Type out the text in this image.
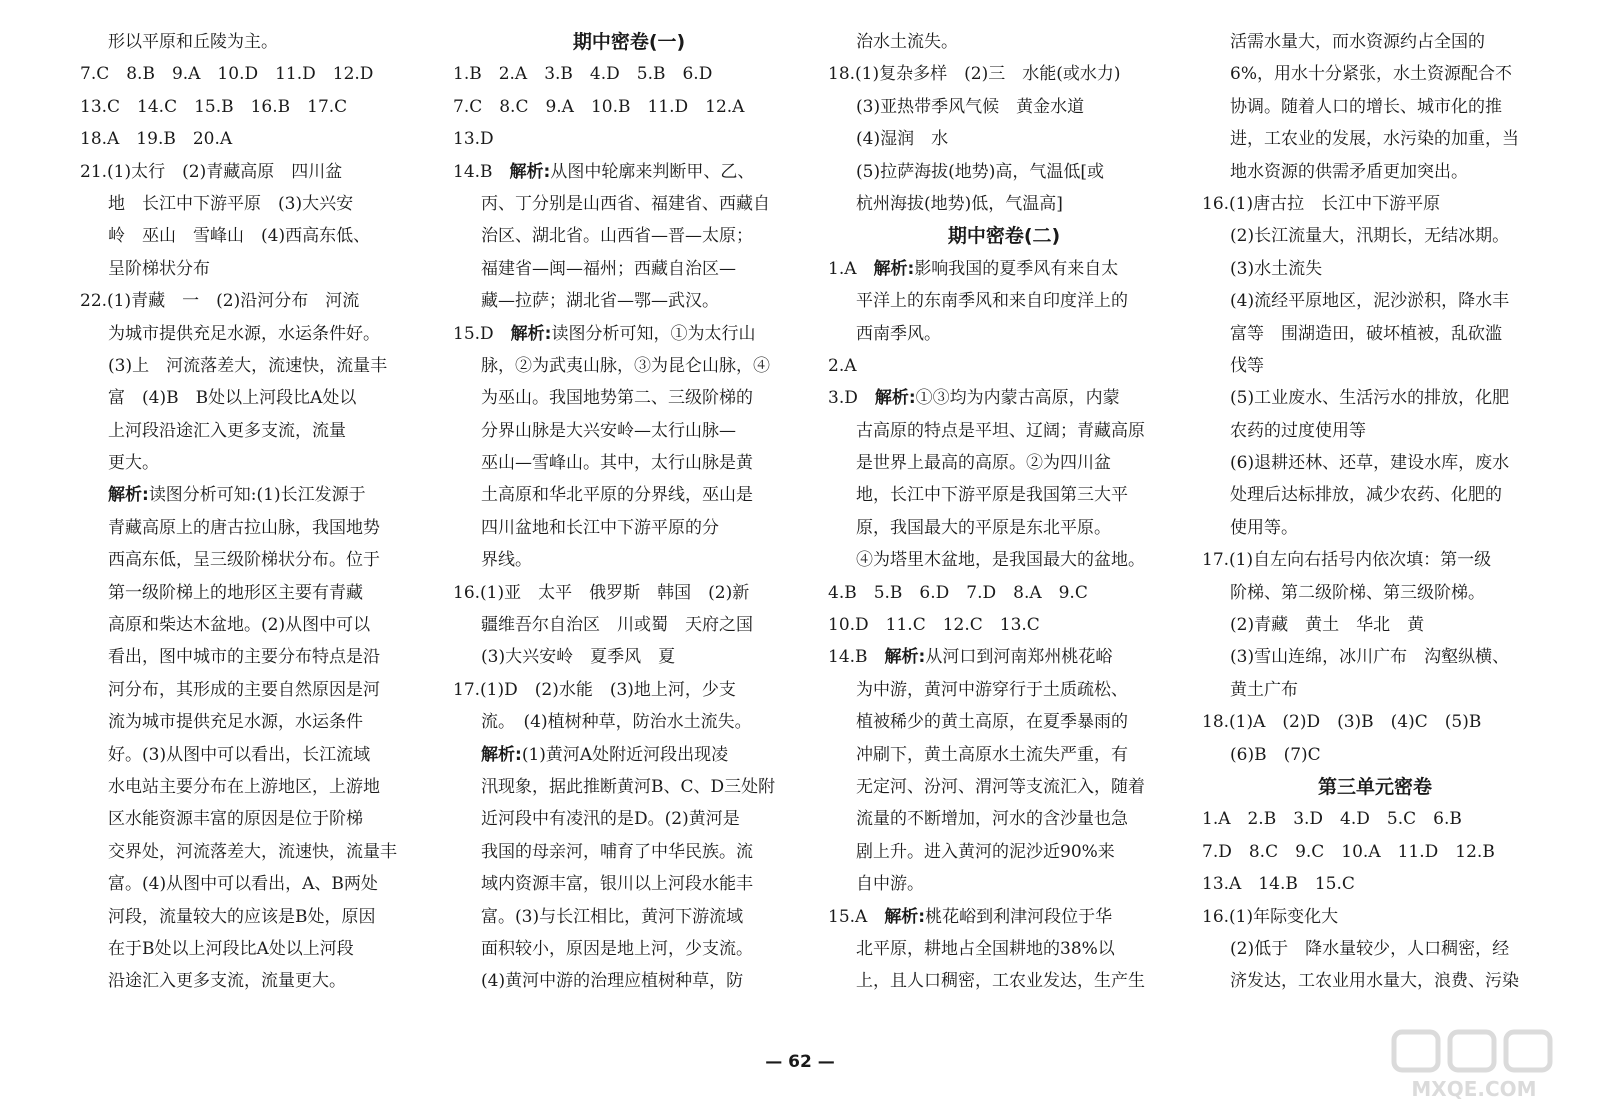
形以平原和丘陵为主。
7.C　8.B　9.A　10.D　11.D　12.D
13.C　14.C　15.B　16.B　17.C
18.A　19.B　20.A
21.(1)太行　(2)青藏高原　四川盆
地　长江中下游平原　(3)大兴安
岭　巫山　雪峰山　(4)西高东低、
呈阶梯状分布
22.(1)青藏　一　(2)沿河分布　河流
为城市提供充足水源，水运条件好。
(3)上　河流落差大，流速快，流量丰
富　(4)B　B处以上河段比A处以
上河段沿途汇入更多支流，流量
更大。
解析:读图分析可知:(1)长江发源于
青藏高原上的唐古拉山脉，我国地势
西高东低，呈三级阶梯状分布。位于
第一级阶梯上的地形区主要有青藏
高原和柴达木盆地。(2)从图中可以
看出，图中城市的主要分布特点是沿
河分布，其形成的主要自然原因是河
流为城市提供充足水源，水运条件
好。(3)从图中可以看出，长江流域
水电站主要分布在上游地区，上游地
区水能资源丰富的原因是位于阶梯
交界处，河流落差大，流速快，流量丰
富。(4)从图中可以看出，A、B两处
河段，流量较大的应该是B处，原因
在于B处以上河段比A处以上河段
沿途汇入更多支流，流量更大。
期中密卷(一)
1.B　2.A　3.B　4.D　5.B　6.D
7.C　8.C　9.A　10.B　11.D　12.A
13.D
14.B　解析:从图中轮廓来判断甲、乙、
丙、丁分别是山西省、福建省、西藏自
治区、湖北省。山西省—晋—太原；
福建省—闽—福州；西藏自治区—
藏—拉萨；湖北省—鄂—武汉。
15.D　解析:读图分析可知，①为太行山
脉，②为武夷山脉，③为昆仑山脉，④
为巫山。我国地势第二、三级阶梯的
分界山脉是大兴安岭—太行山脉—
巫山—雪峰山。其中，太行山脉是黄
土高原和华北平原的分界线，巫山是
四川盆地和长江中下游平原的分
界线。
16.(1)亚　太平　俄罗斯　韩国　(2)新
疆维吾尔自治区　川或蜀　天府之国
(3)大兴安岭　夏季风　夏
17.(1)D　(2)水能　(3)地上河，少支
流。　(4)植树种草，防治水土流失。
解析:(1)黄河A处附近河段出现凌
汛现象，据此推断黄河B、C、D三处附
近河段中有凌汛的是D。(2)黄河是
我国的母亲河，哺育了中华民族。流
域内资源丰富，银川以上河段水能丰
富。(3)与长江相比，黄河下游流域
面积较小，原因是地上河，少支流。
(4)黄河中游的治理应植树种草，防
治水土流失。
18.(1)复杂多样　(2)三　水能(或水力)
(3)亚热带季风气候　黄金水道
(4)湿润　水
(5)拉萨海拔(地势)高，气温低[或
杭州海拔(地势)低，气温高]
期中密卷(二)
1.A　解析:影响我国的夏季风有来自太
平洋上的东南季风和来自印度洋上的
西南季风。
2.A
3.D　解析:①③均为内蒙古高原，内蒙
古高原的特点是平坦、辽阔；青藏高原
是世界上最高的高原。②为四川盆
地，长江中下游平原是我国第三大平
原，我国最大的平原是东北平原。
④为塔里木盆地，是我国最大的盆地。
4.B　5.B　6.D　7.D　8.A　9.C
10.D　11.C　12.C　13.C
14.B　解析:从河口到河南郑州桃花峪
为中游，黄河中游穿行于土质疏松、
植被稀少的黄土高原，在夏季暴雨的
冲刷下，黄土高原水土流失严重，有
无定河、汾河、渭河等支流汇入，随着
流量的不断增加，河水的含沙量也急
剧上升。进入黄河的泥沙近90%来
自中游。
15.A　解析:桃花峪到利津河段位于华
北平原，耕地占全国耕地的38%以
上，且人口稠密，工农业发达，生产生
活需水量大，而水资源约占全国的
6%，用水十分紧张，水土资源配合不
协调。随着人口的增长、城市化的推
进，工农业的发展，水污染的加重，当
地水资源的供需矛盾更加突出。
16.(1)唐古拉　长江中下游平原
(2)长江流量大，汛期长，无结冰期。
(3)水土流失
(4)流经平原地区，泥沙淤积，降水丰
富等　围湖造田，破坏植被，乱砍滥
伐等
(5)工业废水、生活污水的排放，化肥
农药的过度使用等
(6)退耕还林、还草，建设水库，废水
处理后达标排放，减少农药、化肥的
使用等。
17.(1)自左向右括号内依次填：第一级
阶梯、第二级阶梯、第三级阶梯。
(2)青藏　黄土　华北　黄
(3)雪山连绵，冰川广布　沟壑纵横、
黄土广布
18.(1)A　(2)D　(3)B　(4)C　(5)B
(6)B　(7)C
第三单元密卷
1.A　2.B　3.D　4.D　5.C　6.B
7.D　8.C　9.C　10.A　11.D　12.B
13.A　14.B　15.C
16.(1)年际变化大
(2)低于　降水量较少，人口稠密，经
济发达，工农业用水量大，浪费、污染
— 62 —
MXQE.COM
